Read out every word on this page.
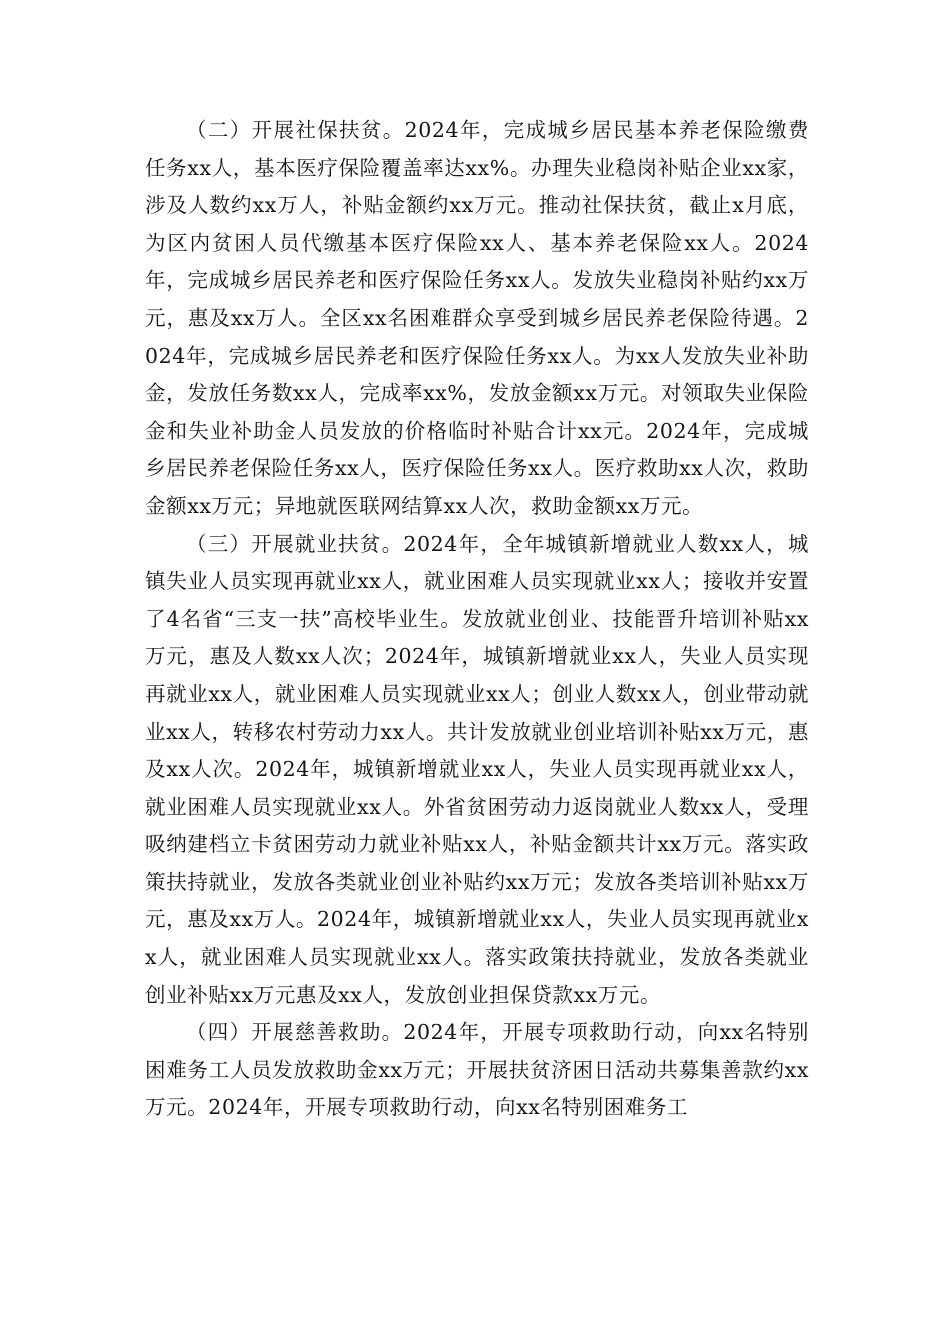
（二）开展社保扶贫。2024年，完成城乡居民基本养老保险缴费任务xx人，基本医疗保险覆盖率达xx%。办理失业稳岗补贴企业xx家，涉及人数约xx万人，补贴金额约xx万元。推动社保扶贫，截止x月底，为区内贫困人员代缴基本医疗保险xx人、基本养老保险xx人。2024年，完成城乡居民养老和医疗保险任务xx人。发放失业稳岗补贴约xx万元，惠及xx万人。全区xx名困难群众享受到城乡居民养老保险待遇。2024年，完成城乡居民养老和医疗保险任务xx人。为xx人发放失业补助金，发放任务数xx人，完成率xx%，发放金额xx万元。对领取失业保险金和失业补助金人员发放的价格临时补贴合计xx元。2024年，完成城乡居民养老保险任务xx人，医疗保险任务xx人。医疗救助xx人次，救助金额xx万元；异地就医联网结算xx人次，救助金额xx万元。

（三）开展就业扶贫。2024年，全年城镇新增就业人数xx人，城镇失业人员实现再就业xx人，就业困难人员实现就业xx人；接收并安置了4名省“三支一扶”高校毕业生。发放就业创业、技能晋升培训补贴xx万元，惠及人数xx人次；2024年，城镇新增就业xx人，失业人员实现再就业xx人，就业困难人员实现就业xx人；创业人数xx人，创业带动就业xx人，转移农村劳动力xx人。共计发放就业创业培训补贴xx万元，惠及xx人次。2024年，城镇新增就业xx人，失业人员实现再就业xx人，就业困难人员实现就业xx人。外省贫困劳动力返岗就业人数xx人，受理吸纳建档立卡贫困劳动力就业补贴xx人，补贴金额共计xx万元。落实政策扶持就业，发放各类就业创业补贴约xx万元；发放各类培训补贴xx万元，惠及xx万人。2024年，城镇新增就业xx人，失业人员实现再就业xx人，就业困难人员实现就业xx人。落实政策扶持就业，发放各类就业创业补贴xx万元惠及xx人，发放创业担保贷款xx万元。

（四）开展慈善救助。2024年，开展专项救助行动，向xx名特别困难务工人员发放救助金xx万元；开展扶贫济困日活动共募集善款约xx万元。2024年，开展专项救助行动，向xx名特别困难务工
